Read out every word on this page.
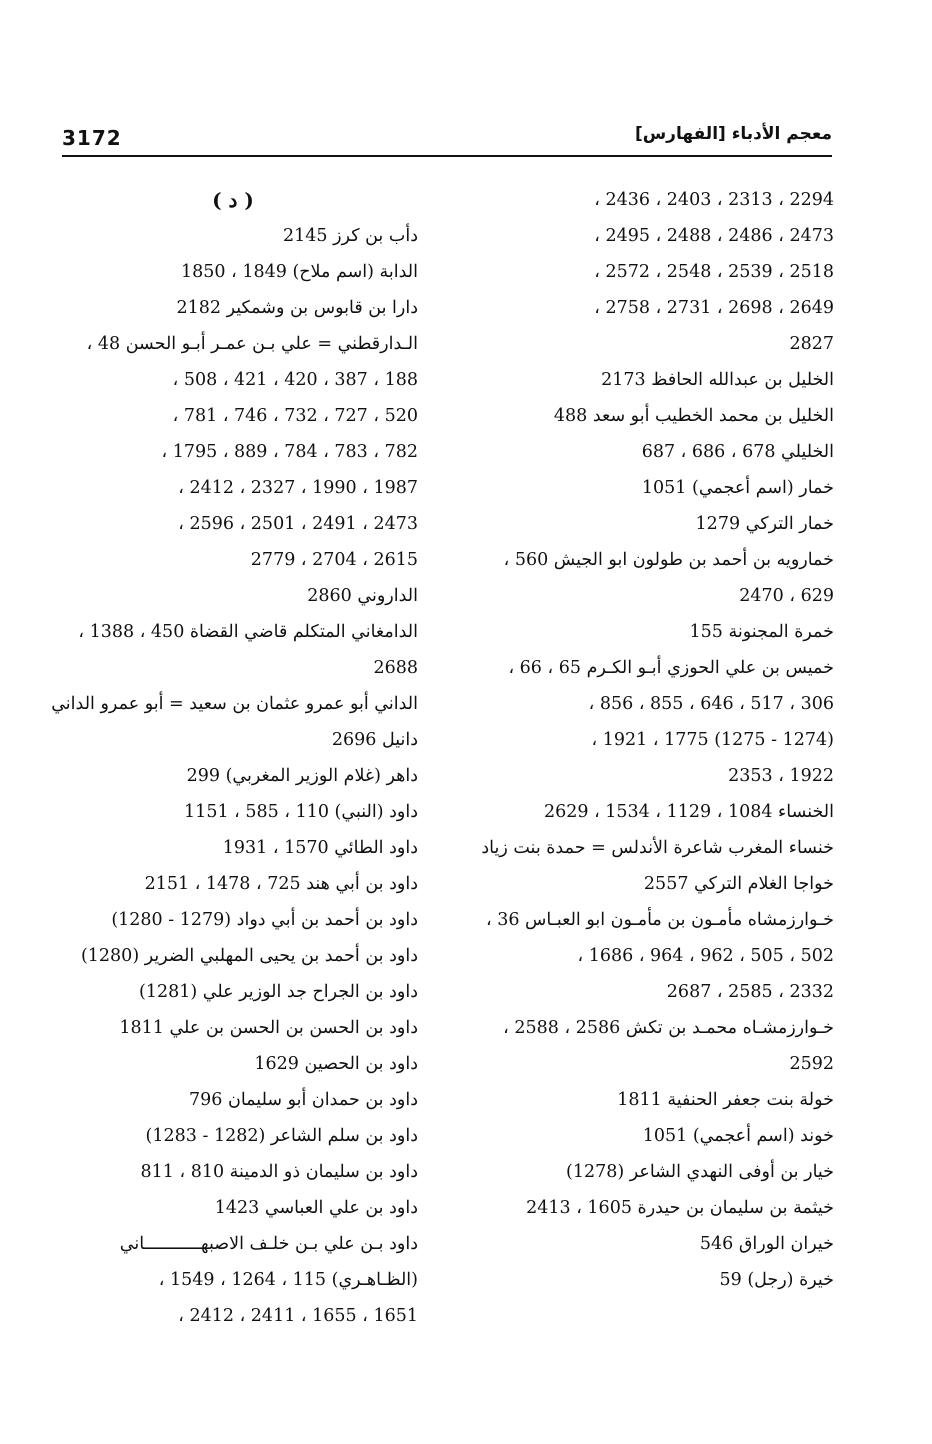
3172	معجم الأدباء [الفهارس]
2294 ، 2313 ، 2403 ، 2436 ،
2473 ، 2486 ، 2488 ، 2495 ،
2518 ، 2539 ، 2548 ، 2572 ،
2649 ، 2698 ، 2731 ، 2758 ،
2827
الخليل بن عبدالله الحافظ 2173
الخليل بن محمد الخطيب أبو سعد 488
الخليلي 678 ، 686 ، 687
خمار (اسم أعجمي) 1051
خمار التركي 1279
خمارويه بن أحمد بن طولون ابو الجيش 560 ،
629 ، 2470
خمرة المجنونة 155
خميس بن علي الحوزي أبـو الكـرم 65 ، 66 ،
306 ، 517 ، 646 ، 855 ، 856 ،
(1274 - 1275) 1775 ، 1921 ،
1922 ، 2353
الخنساء 1084 ، 1129 ، 1534 ، 2629
خنساء المغرب شاعرة الأندلس = حمدة بنت زياد
خواجا الغلام التركي 2557
خـوارزمشاه مأمـون بن مأمـون ابو العبـاس 36 ،
502 ، 505 ، 962 ، 964 ، 1686 ،
2332 ، 2585 ، 2687
خـوارزمشـاه محمـد بن تكش 2586 ، 2588 ،
2592
خولة بنت جعفر الحنفية 1811
خوند (اسم أعجمي) 1051
خيار بن أوفى النهدي الشاعر (1278)
خيثمة بن سليمان بن حيدرة 1605 ، 2413
خيران الوراق 546
خيرة (رجل) 59
( د )
دأب بن كرز 2145
الدابة (اسم ملاح) 1849 ، 1850
دارا بن قابوس بن وشمكير 2182
الـدارقطني = علي بـن عمـر أبـو الحسن 48 ،
188 ، 387 ، 420 ، 421 ، 508 ،
520 ، 727 ، 732 ، 746 ، 781 ،
782 ، 783 ، 784 ، 889 ، 1795 ،
1987 ، 1990 ، 2327 ، 2412 ،
2473 ، 2491 ، 2501 ، 2596 ،
2615 ، 2704 ، 2779
الداروني 2860
الدامغاني المتكلم قاضي القضاة 450 ، 1388 ،
2688
الداني أبو عمرو عثمان بن سعيد = أبو عمرو الداني
دانيل 2696
داهر (غلام الوزير المغربي) 299
داود (النبي) 110 ، 585 ، 1151
داود الطائي 1570 ، 1931
داود بن أبي هند 725 ، 1478 ، 2151
داود بن أحمد بن أبي دواد (1279 - 1280)
داود بن أحمد بن يحيى المهلبي الضرير (1280)
داود بن الجراح جد الوزير علي (1281)
داود بن الحسن بن الحسن بن علي 1811
داود بن الحصين 1629
داود بن حمدان أبو سليمان 796
داود بن سلم الشاعر (1282 - 1283)
داود بن سليمان ذو الدمينة 810 ، 811
داود بن علي العباسي 1423
داود بـن علي بـن خلـف الاصبهـــــــــــاني
(الظـاهـري) 115 ، 1264 ، 1549 ،
1651 ، 1655 ، 2411 ، 2412 ،
